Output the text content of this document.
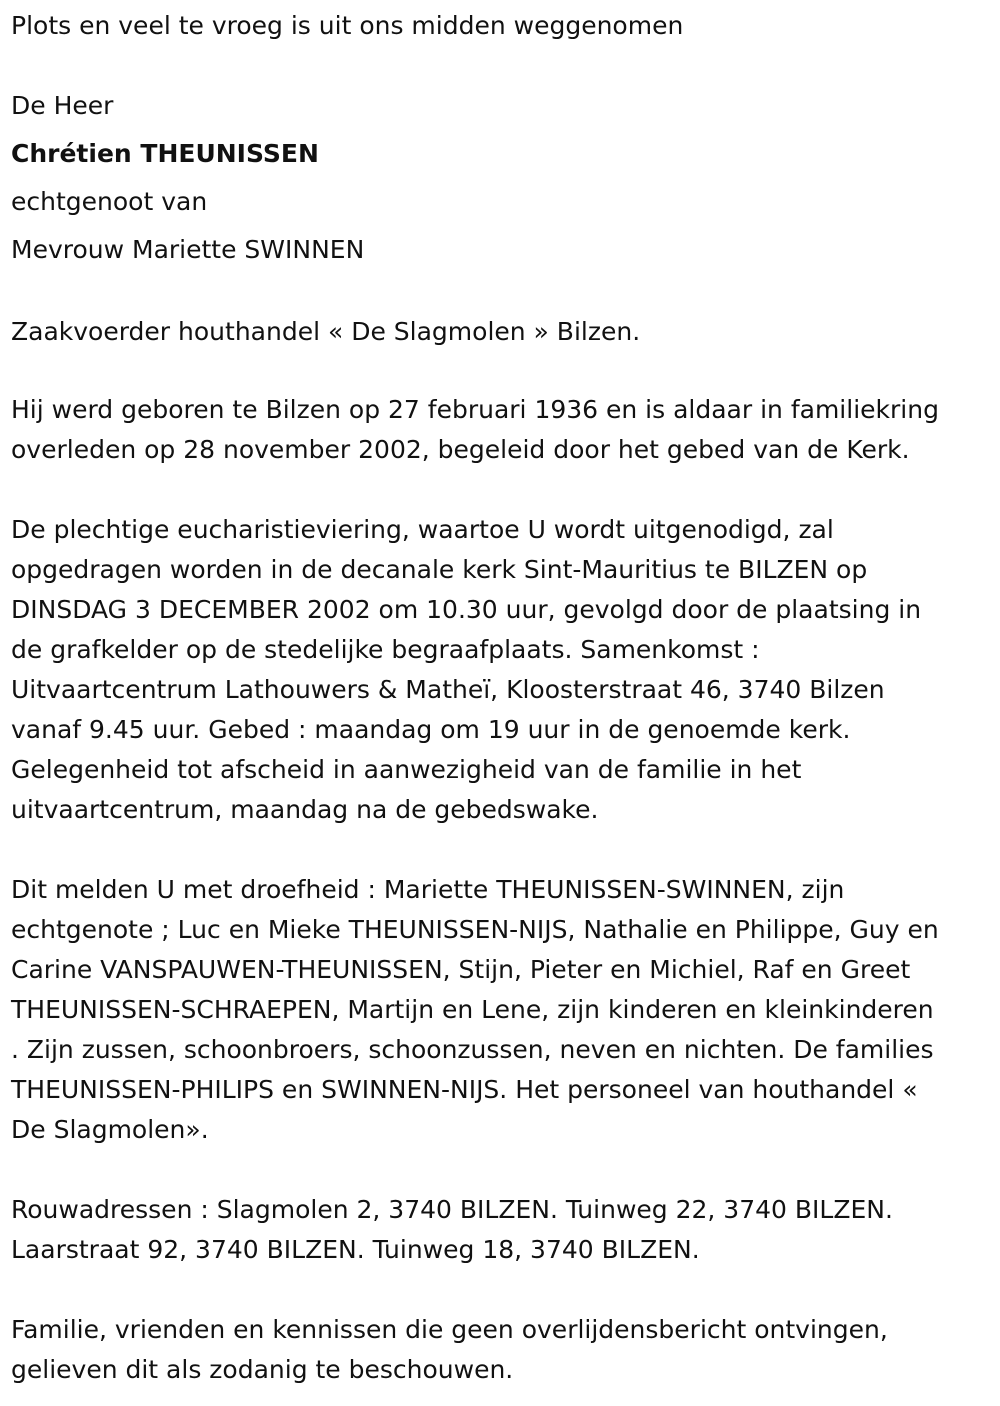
Plots en veel te vroeg is uit ons midden weggenomen

De Heer

Chrétien THEUNISSEN

echtgenoot van

Mevrouw Mariette SWINNEN

Zaakvoerder houthandel « De Slagmolen » Bilzen.

Hij werd geboren te Bilzen op 27 februari 1936 en is aldaar in familiekring
overleden op 28 november 2002, begeleid door het gebed van de Kerk.
De plechtige eucharistieviering, waartoe U wordt uitgenodigd, zal
opgedragen worden in de decanale kerk Sint-Mauritius te BILZEN op
DINSDAG 3 DECEMBER 2002 om 10.30 uur, gevolgd door de plaatsing in
de grafkelder op de stedelijke begraafplaats. Samenkomst :
Uitvaartcentrum Lathouwers & Matheï, Kloosterstraat 46, 3740 Bilzen
vanaf 9.45 uur. Gebed : maandag om 19 uur in de genoemde kerk.
Gelegenheid tot afscheid in aanwezigheid van de familie in het
uitvaartcentrum, maandag na de gebedswake.
Dit melden U met droefheid : Mariette THEUNISSEN-SWINNEN, zijn
echtgenote ; Luc en Mieke THEUNISSEN-NIJS, Nathalie en Philippe, Guy en
Carine VANSPAUWEN-THEUNISSEN, Stijn, Pieter en Michiel, Raf en Greet
THEUNISSEN-SCHRAEPEN, Martijn en Lene, zijn kinderen en kleinkinderen
. Zijn zussen, schoonbroers, schoonzussen, neven en nichten. De families
THEUNISSEN-PHILIPS en SWINNEN-NIJS. Het personeel van houthandel «
De Slagmolen».
Rouwadressen : Slagmolen 2, 3740 BILZEN. Tuinweg 22, 3740 BILZEN.
Laarstraat 92, 3740 BILZEN. Tuinweg 18, 3740 BILZEN.
Familie, vrienden en kennissen die geen overlijdensbericht ontvingen,
gelieven dit als zodanig te beschouwen.
